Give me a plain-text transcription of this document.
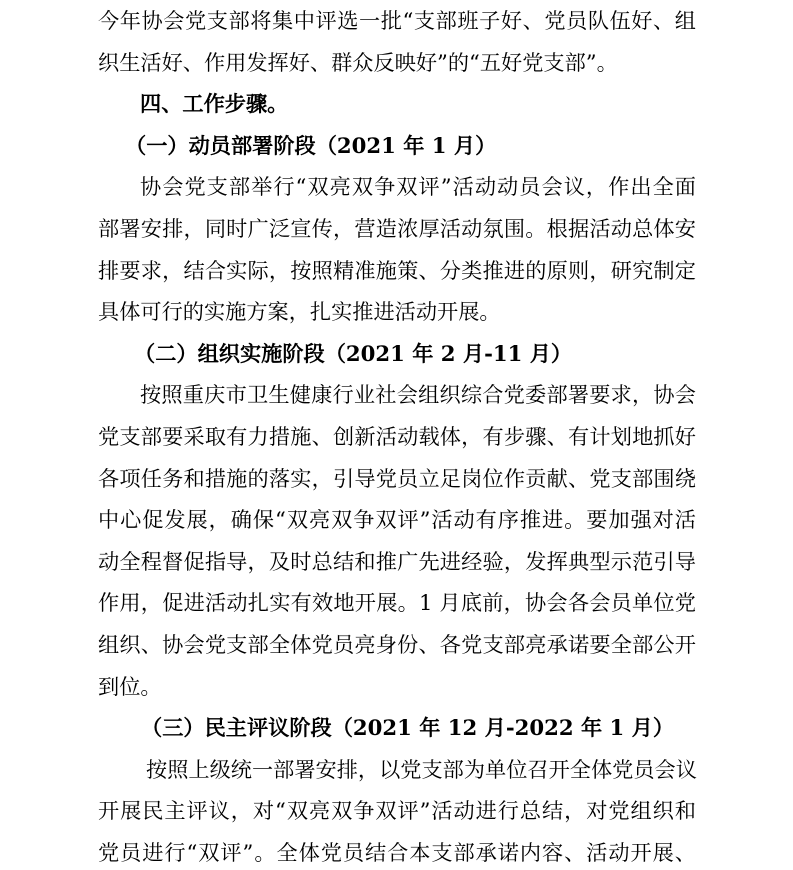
今年协会党支部将集中评选一批“支部班子好、党员队伍好、组
织生活好、作用发挥好、群众反映好”的“五好党支部”。
四、工作步骤。
（一）动员部署阶段（2021 年 1 月）
协会党支部举行“双亮双争双评”活动动员会议，作出全面
部署安排，同时广泛宣传，营造浓厚活动氛围。根据活动总体安
排要求，结合实际，按照精准施策、分类推进的原则，研究制定
具体可行的实施方案，扎实推进活动开展。
（二）组织实施阶段（2021 年 2 月-11 月）
按照重庆市卫生健康行业社会组织综合党委部署要求，协会
党支部要采取有力措施、创新活动载体，有步骤、有计划地抓好
各项任务和措施的落实，引导党员立足岗位作贡献、党支部围绕
中心促发展，确保“双亮双争双评”活动有序推进。要加强对活
动全程督促指导，及时总结和推广先进经验，发挥典型示范引导
作用，促进活动扎实有效地开展。1 月底前，协会各会员单位党
组织、协会党支部全体党员亮身份、各党支部亮承诺要全部公开
到位。
（三）民主评议阶段（2021 年 12 月-2022 年 1 月）
按照上级统一部署安排，以党支部为单位召开全体党员会议
开展民主评议，对“双亮双争双评”活动进行总结，对党组织和
党员进行“双评”。全体党员结合本支部承诺内容、活动开展、
